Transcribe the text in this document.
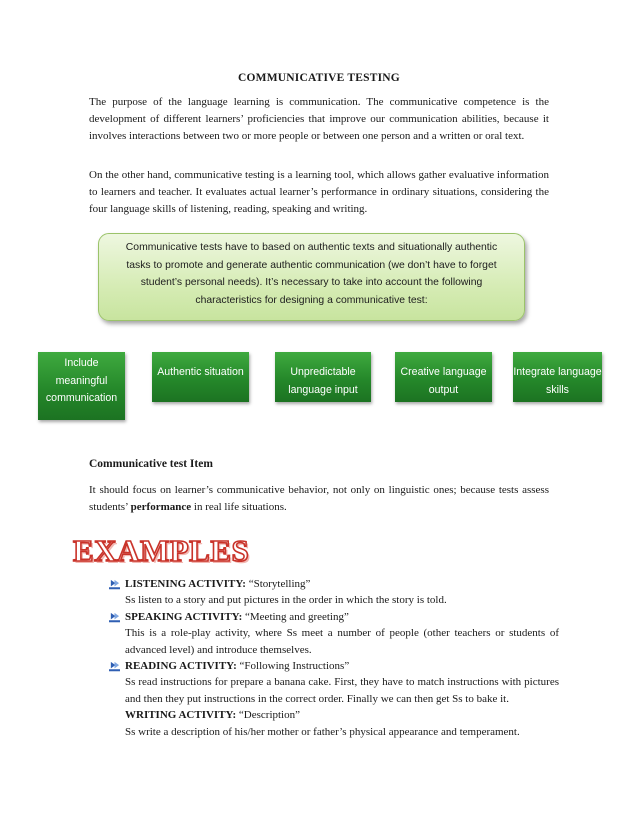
COMMUNICATIVE TESTING

The purpose of the language learning is communication. The communicative competence is the development of different learners’ proficiencies that improve our communication abilities, because it involves interactions between two or more people or between one person and a written or oral text.

On the other hand, communicative testing is a learning tool, which allows gather evaluative information to learners and teacher. It evaluates actual learner’s performance in ordinary situations, considering the four language skills of listening, reading, speaking and writing.

Communicative tests have to based on authentic texts and situationally authentic tasks to promote and generate authentic communication (we don’t have to forget student’s personal needs). It’s necessary to take into account the following characteristics for designing a communicative test:
Include meaningful communication
Authentic situation	Unpredictable language input
Creative language output
Integrate language skills
Communicative test Item

It should focus on learner’s communicative behavior, not only on linguistic ones; because tests assess students’ performance in real life situations.

EXAMPLES
LISTENING ACTIVITY: “Storytelling”
Ss listen to a story and put pictures in the order in which the story is told.
SPEAKING ACTIVITY: “Meeting and greeting”
This is a role-play activity, where Ss meet a number of people (other teachers or students of advanced level) and introduce themselves.
READING ACTIVITY: “Following Instructions”
Ss read instructions for prepare a banana cake. First, they have to match instructions with pictures and then they put instructions in the correct order. Finally we can then get Ss to bake it.
WRITING ACTIVITY: “Description”
Ss write a description of his/her mother or father’s physical appearance and temperament.
